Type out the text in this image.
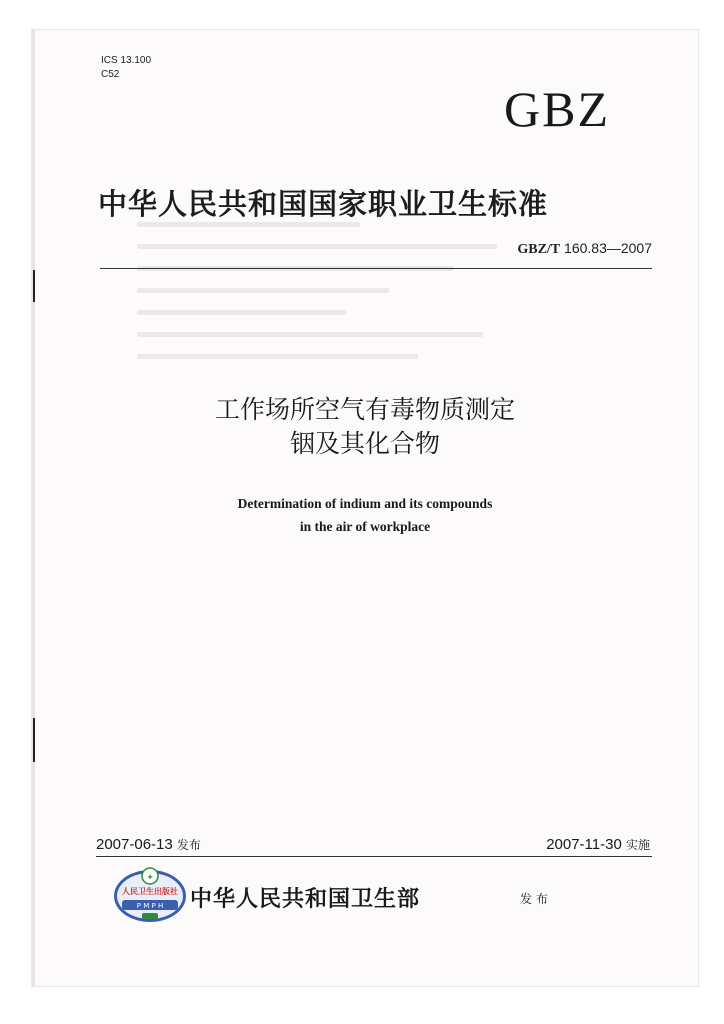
ICS 13.100
C52
GBZ
中华人民共和国国家职业卫生标准
GBZ/T 160.83—2007
工作场所空气有毒物质测定
铟及其化合物
Determination of indium and its compounds
in the air of workplace
2007-06-13 发布	2007-11-30 实施
✚
人民卫生出版社
P M P H 中华人民共和国卫生部	发布
